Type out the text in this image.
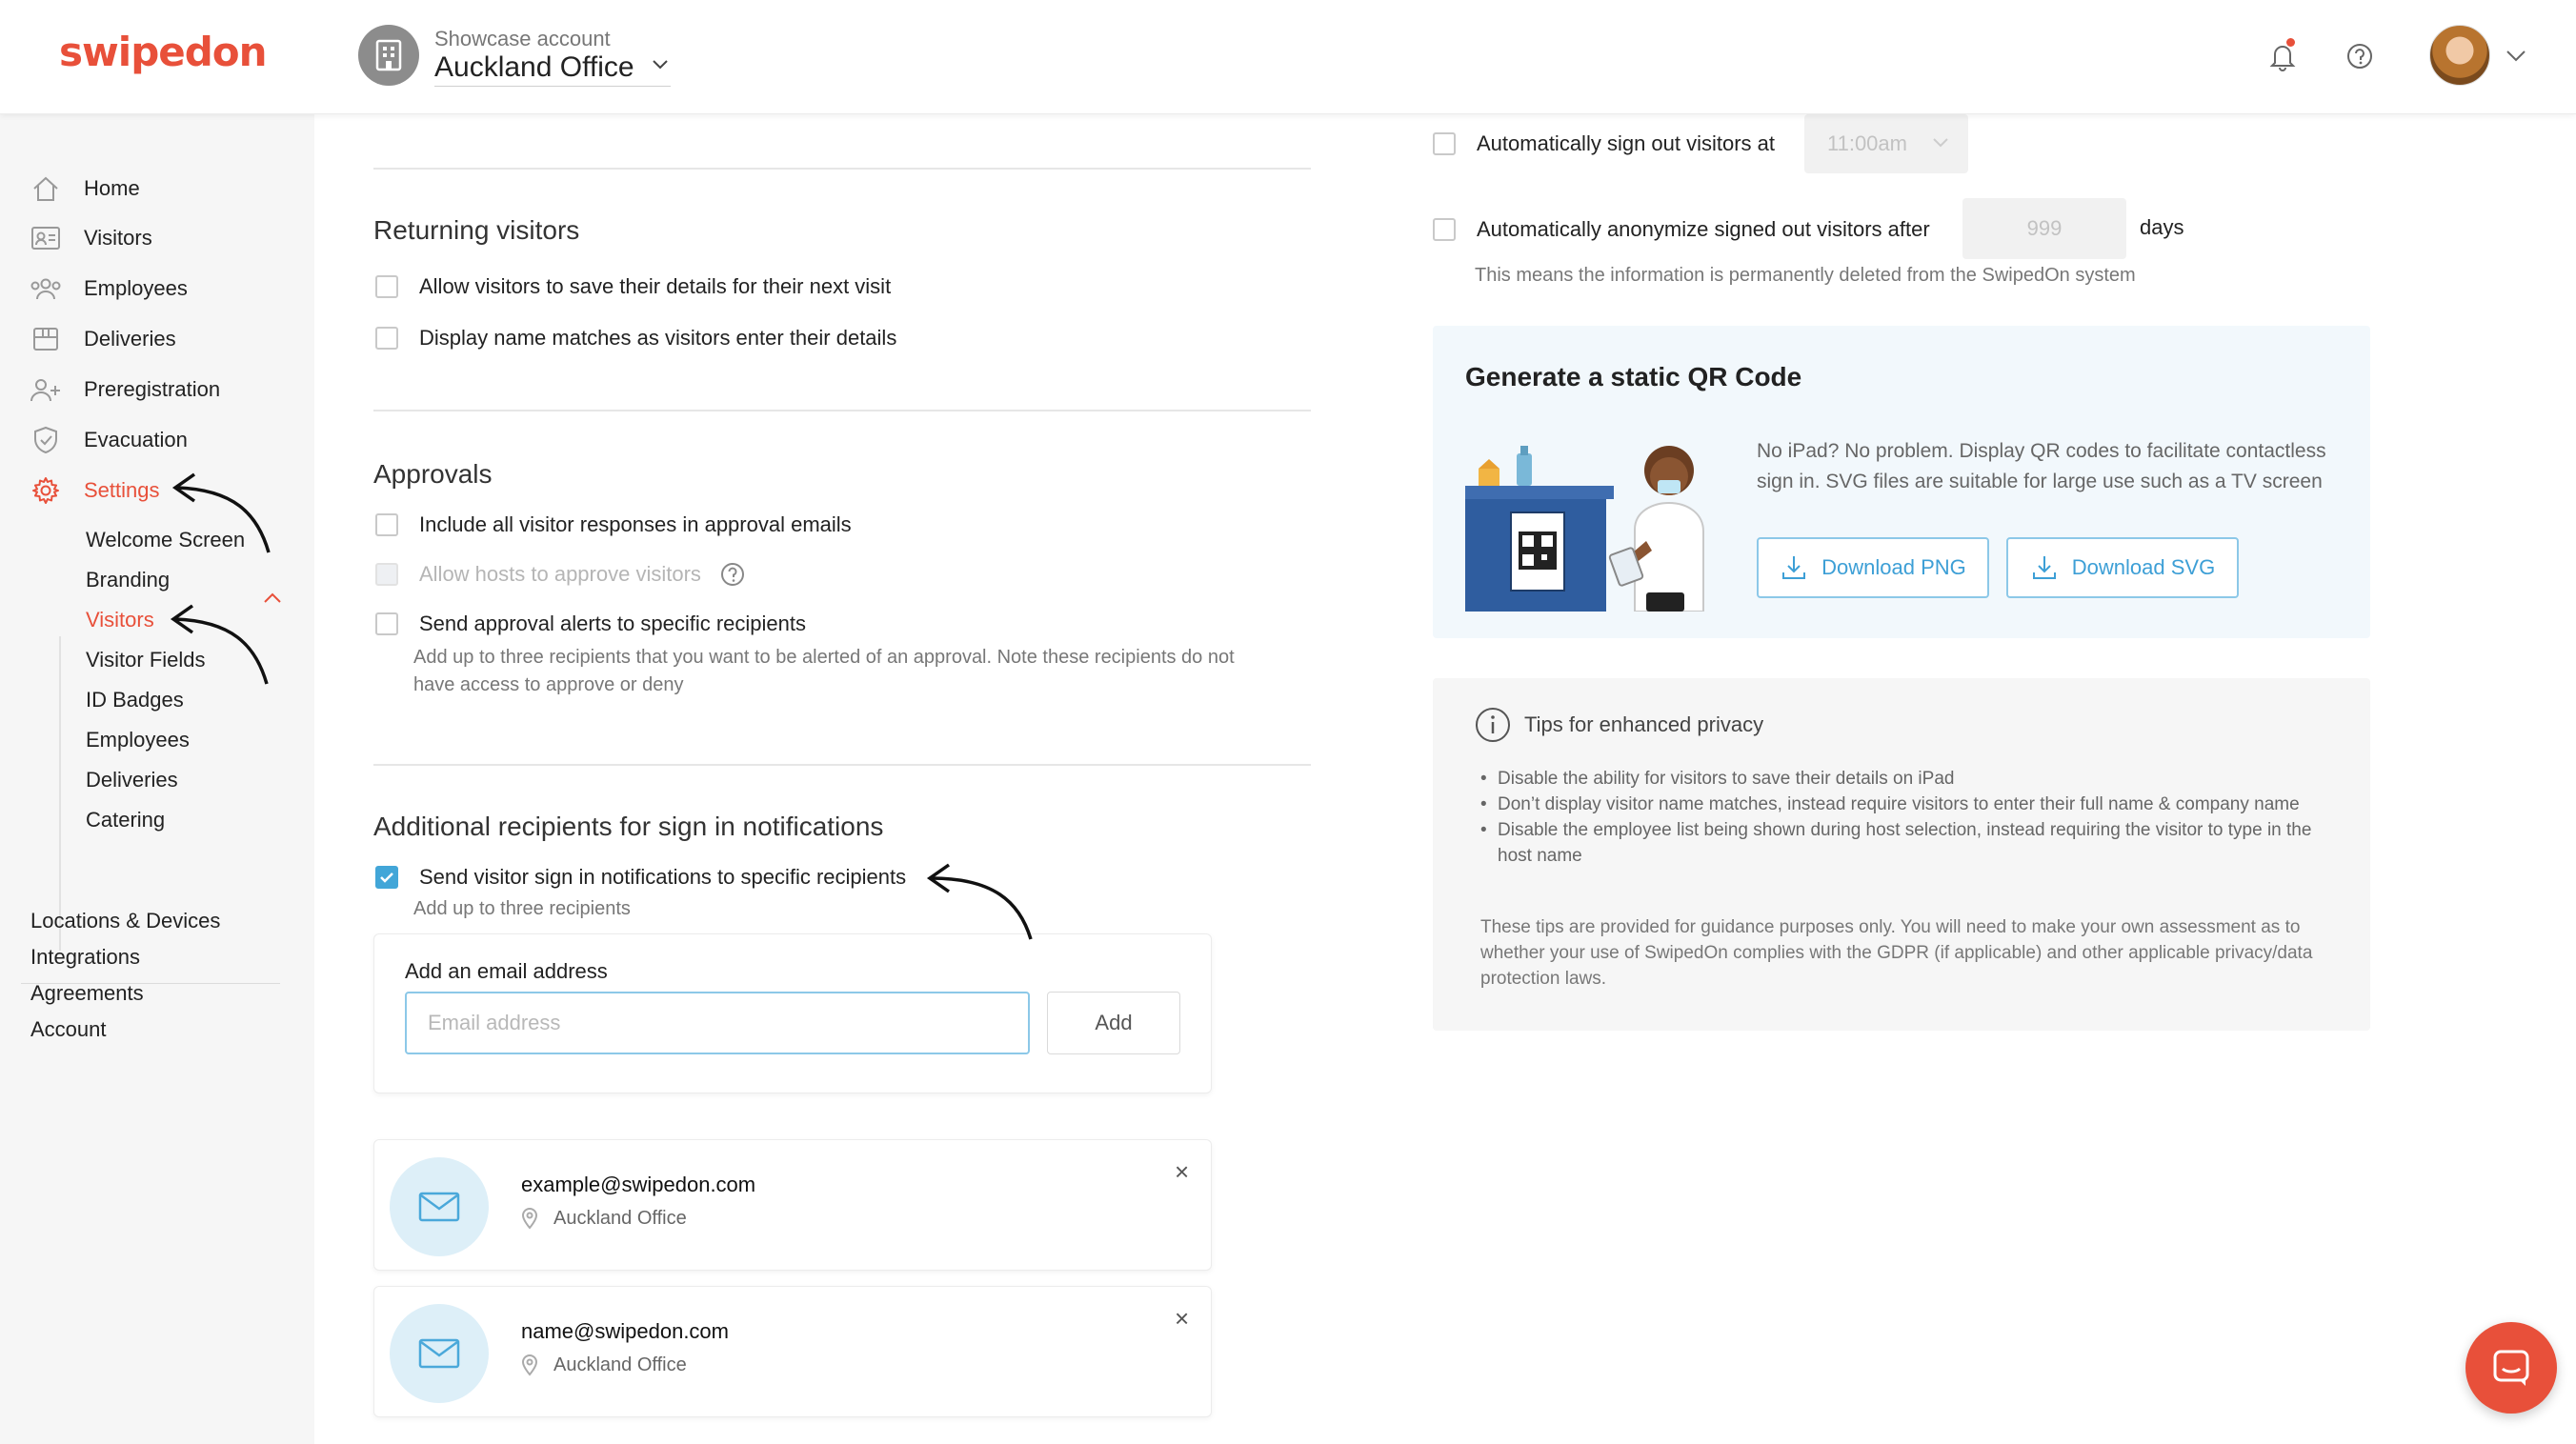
swipedon	Showcase account
Auckland Office
Home
Visitors
Employees
Deliveries
Preregistration
Evacuation
Settings
Welcome Screen
Branding
Visitors
Visitor Fields
ID Badges
Employees
Deliveries
Catering
Locations & Devices
Integrations
Agreements
Account
Returning visitors
Allow visitors to save their details for their next visit
Display name matches as visitors enter their details
Approvals
Include all visitor responses in approval emails
Allow hosts to approve visitors
Send approval alerts to specific recipients
Add up to three recipients that you want to be alerted of an approval. Note these recipients do not have access to approve or deny
Additional recipients for sign in notifications
Send visitor sign in notifications to specific recipients
Add up to three recipients
Add an email address
Email address
Add
example@swipedon.com
Auckland Office
×
name@swipedon.com
Auckland Office
×
Automatically sign out visitors at 11:00am
Automatically anonymize signed out visitors after	999	days
This means the information is permanently deleted from the SwipedOn system
Generate a static QR Code
No iPad? No problem. Display QR codes to facilitate contactless sign in. SVG files are suitable for large use such as a TV screen
Download PNG	Download SVG
Tips for enhanced privacy
• Disable the ability for visitors to save their details on iPad
• Don’t display visitor name matches, instead require visitors to enter their full name & company name
• Disable the employee list being shown during host selection, instead requiring the visitor to type in the host name
These tips are provided for guidance purposes only. You will need to make your own assessment as to whether your use of SwipedOn complies with the GDPR (if applicable) and other applicable privacy/data protection laws.
